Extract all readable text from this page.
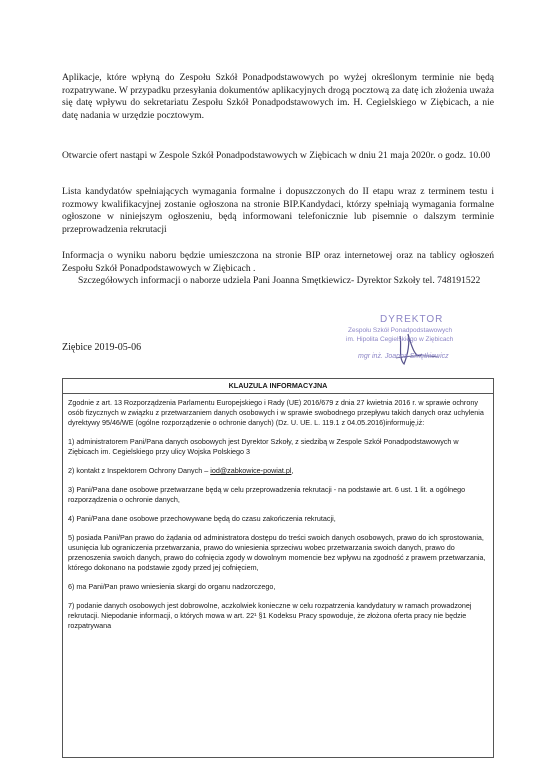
Aplikacje, które wpłyną do Zespołu Szkół Ponadpodstawowych po wyżej określonym terminie nie będą rozpatrywane. W przypadku przesyłania dokumentów aplikacyjnych drogą pocztową za datę ich złożenia uważa się datę wpływu do sekretariatu Zespołu Szkół Ponadpodstawowych im. H. Cegielskiego w Ziębicach, a nie datę nadania w urzędzie pocztowym.

Otwarcie ofert nastąpi w Zespole Szkół Ponadpodstawowych w Ziębicach w dniu 21 maja 2020r. o godz. 10.00

Lista kandydatów spełniających wymagania formalne i dopuszczonych do II etapu wraz z terminem testu i rozmowy kwalifikacyjnej zostanie ogłoszona na stronie BIP.Kandydaci, którzy spełniają wymagania formalne ogłoszone w niniejszym ogłoszeniu, będą informowani telefonicznie lub pisemnie o dalszym terminie przeprowadzenia rekrutacji

Informacja o wyniku naboru będzie umieszczona na stronie BIP oraz internetowej oraz na tablicy ogłoszeń Zespołu Szkół Ponadpodstawowych w Ziębicach .

Szczegółowych informacji o naborze udziela Pani Joanna Smętkiewicz- Dyrektor Szkoły tel. 748191522

Ziębice 2019-05-06
DYREKTOR
Zespołu Szkół Ponadpodstawowych
im. Hipolita Cegielskiego w Ziębicach
mgr inż. Joanna Smętkiewicz
KLAUZULA INFORMACYJNA

Zgodnie z art. 13 Rozporządzenia Parlamentu Europejskiego i Rady (UE) 2016/679 z dnia 27 kwietnia 2016 r. w sprawie ochrony osób fizycznych w związku z przetwarzaniem danych osobowych i w sprawie swobodnego przepływu takich danych oraz uchylenia dyrektywy 95/46/WE (ogólne rozporządzenie o ochronie danych) (Dz. U. UE. L. 119.1 z 04.05.2016)informuję,iż:

1) administratorem Pani/Pana danych osobowych jest Dyrektor Szkoły, z siedzibą w Zespole Szkół Ponadpodstawowych w Ziębicach im. Cegielskiego przy ulicy Wojska Polskiego 3

2) kontakt z Inspektorem Ochrony Danych – iod@zabkowice-powiat.pl,

3) Pani/Pana dane osobowe przetwarzane będą w celu przeprowadzenia rekrutacji - na podstawie art. 6 ust. 1 lit. a ogólnego rozporządzenia o ochronie danych,

4) Pani/Pana dane osobowe przechowywane będą do czasu zakończenia rekrutacji,

5) posiada Pani/Pan prawo do żądania od administratora dostępu do treści swoich danych osobowych, prawo do ich sprostowania, usunięcia lub ograniczenia przetwarzania, prawo do wniesienia sprzeciwu wobec przetwarzania swoich danych, prawo do przenoszenia swoich danych, prawo do cofnięcia zgody w dowolnym momencie bez wpływu na zgodność z prawem przetwarzania, którego dokonano na podstawie zgody przed jej cofnięciem,

6) ma Pani/Pan prawo wniesienia skargi do organu nadzorczego,

7) podanie danych osobowych jest dobrowolne, aczkolwiek konieczne w celu rozpatrzenia kandydatury w ramach prowadzonej rekrutacji. Niepodanie informacji, o których mowa w art. 22¹ §1 Kodeksu Pracy spowoduje, że złożona oferta pracy nie będzie rozpatrywana
